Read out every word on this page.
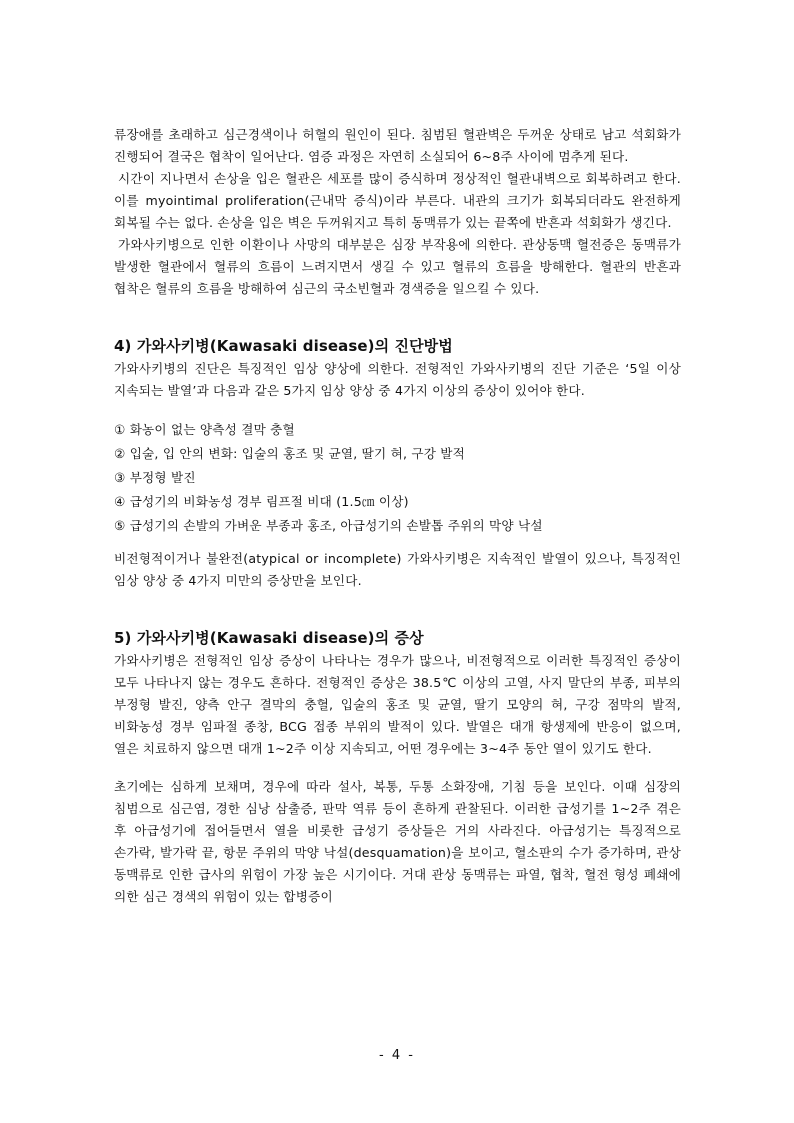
류장애를 초래하고 심근경색이나 허혈의 원인이 된다. 침범된 혈관벽은 두꺼운 상태로 남고 석회화가 진행되어 결국은 협착이 일어난다. 염증 과정은 자연히 소실되어 6~8주 사이에 멈추게 된다.

시간이 지나면서 손상을 입은 혈관은 세포를 많이 증식하며 정상적인 혈관내벽으로 회복하려고 한다. 이를 myointimal proliferation(근내막 증식)이라 부른다. 내관의 크기가 회복되더라도 완전하게 회복될 수는 없다. 손상을 입은 벽은 두꺼워지고 특히 동맥류가 있는 끝쪽에 반흔과 석회화가 생긴다.

가와사키병으로 인한 이환이나 사망의 대부분은 심장 부작용에 의한다. 관상동맥 혈전증은 동맥류가 발생한 혈관에서 혈류의 흐름이 느려지면서 생길 수 있고 혈류의 흐름을 방해한다. 혈관의 반흔과 협착은 혈류의 흐름을 방해하여 심근의 국소빈혈과 경색증을 일으킬 수 있다.

4) 가와사키병(Kawasaki disease)의 진단방법

가와사키병의 진단은 특징적인 임상 양상에 의한다. 전형적인 가와사키병의 진단 기준은 ‘5일 이상 지속되는 발열’과 다음과 같은 5가지 임상 양상 중 4가지 이상의 증상이 있어야 한다.

① 화농이 없는 양측성 결막 충혈

② 입술, 입 안의 변화: 입술의 홍조 및 균열, 딸기 혀, 구강 발적

③ 부정형 발진

④ 급성기의 비화농성 경부 림프절 비대 (1.5㎝ 이상)

⑤ 급성기의 손발의 가벼운 부종과 홍조, 아급성기의 손발톱 주위의 막양 낙설

비전형적이거나 불완전(atypical or incomplete) 가와사키병은 지속적인 발열이 있으나, 특징적인 임상 양상 중 4가지 미만의 증상만을 보인다.

5) 가와사키병(Kawasaki disease)의 증상

가와사키병은 전형적인 임상 증상이 나타나는 경우가 많으나, 비전형적으로 이러한 특징적인 증상이 모두 나타나지 않는 경우도 흔하다. 전형적인 증상은 38.5℃ 이상의 고열, 사지 말단의 부종, 피부의 부정형 발진, 양측 안구 결막의 충혈, 입술의 홍조 및 균열, 딸기 모양의 혀, 구강 점막의 발적, 비화농성 경부 임파절 종창, BCG 접종 부위의 발적이 있다. 발열은 대개 항생제에 반응이 없으며, 열은 치료하지 않으면 대개 1~2주 이상 지속되고, 어떤 경우에는 3~4주 동안 열이 있기도 한다.

초기에는 심하게 보채며, 경우에 따라 설사, 복통, 두통 소화장애, 기침 등을 보인다. 이때 심장의 침범으로 심근염, 경한 심낭 삼출증, 판막 역류 등이 흔하게 관찰된다. 이러한 급성기를 1~2주 겪은 후 아급성기에 접어들면서 열을 비롯한 급성기 증상들은 거의 사라진다. 아급성기는 특징적으로 손가락, 발가락 끝, 항문 주위의 막양 낙설(desquamation)을 보이고, 혈소판의 수가 증가하며, 관상 동맥류로 인한 급사의 위험이 가장 높은 시기이다. 거대 관상 동맥류는 파열, 협착, 혈전 형성 폐쇄에 의한 심근 경색의 위험이 있는 합병증이

- 4 -
